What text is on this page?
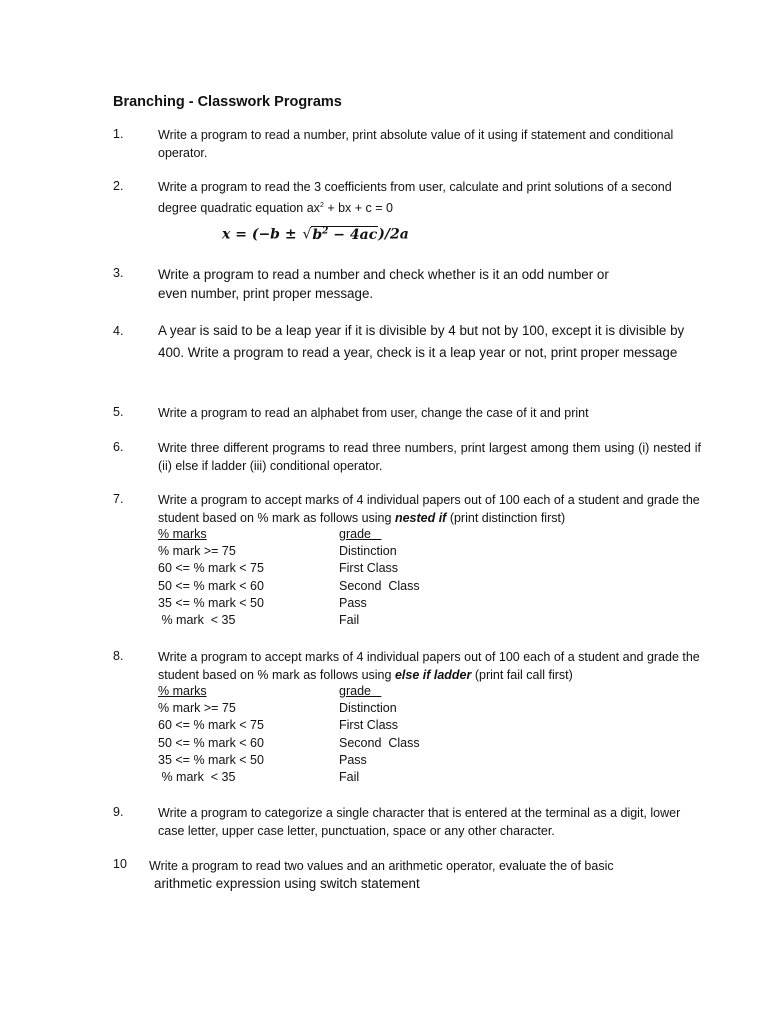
Branching - Classwork Programs
1.	Write a program to read a number, print absolute value of it using if statement and conditional operator.
2.	Write a program to read the 3 coefficients from user, calculate and print solutions of a second degree quadratic equation $ax^2$ + bx + c = 0
$x = (-b \pm √b^2 - 4ac)/2a$
3.	Write a program to read a number and check whether is it an odd number or
even number, print proper message.
4.	A year is said to be a leap year if it is divisible by 4 but not by 100, except it is divisible by 400. Write a program to read a year, check is it a leap year or not, print proper message
5.	Write a program to read an alphabet from user, change the case of it and print
6.	Write three different programs to read three numbers, print largest among them using (i) nested if (ii) else if ladder (iii) conditional operator.
7.	Write a program to accept marks of 4 individual papers out of 100 each of a student and grade the student based on % mark as follows using nested if (print distinction first)
% marks	grade
% mark >= 75	Distinction
60 <= % mark < 75	First Class
50 <= % mark < 60	Second  Class
35 <= % mark < 50	Pass
% mark  < 35	Fail
8.	Write a program to accept marks of 4 individual papers out of 100 each of a student and grade the student based on % mark as follows using else if ladder (print fail call first)
% marks	grade
% mark >= 75	Distinction
60 <= % mark < 75	First Class
50 <= % mark < 60	Second  Class
35 <= % mark < 50	Pass
% mark  < 35	Fail
9.	Write a program to categorize a single character that is entered at the terminal as a digit, lower case letter, upper case letter, punctuation, space or any other character.
10 Write a program to read two values and an arithmetic operator, evaluate the of basic
arithmetic expression using switch statement
